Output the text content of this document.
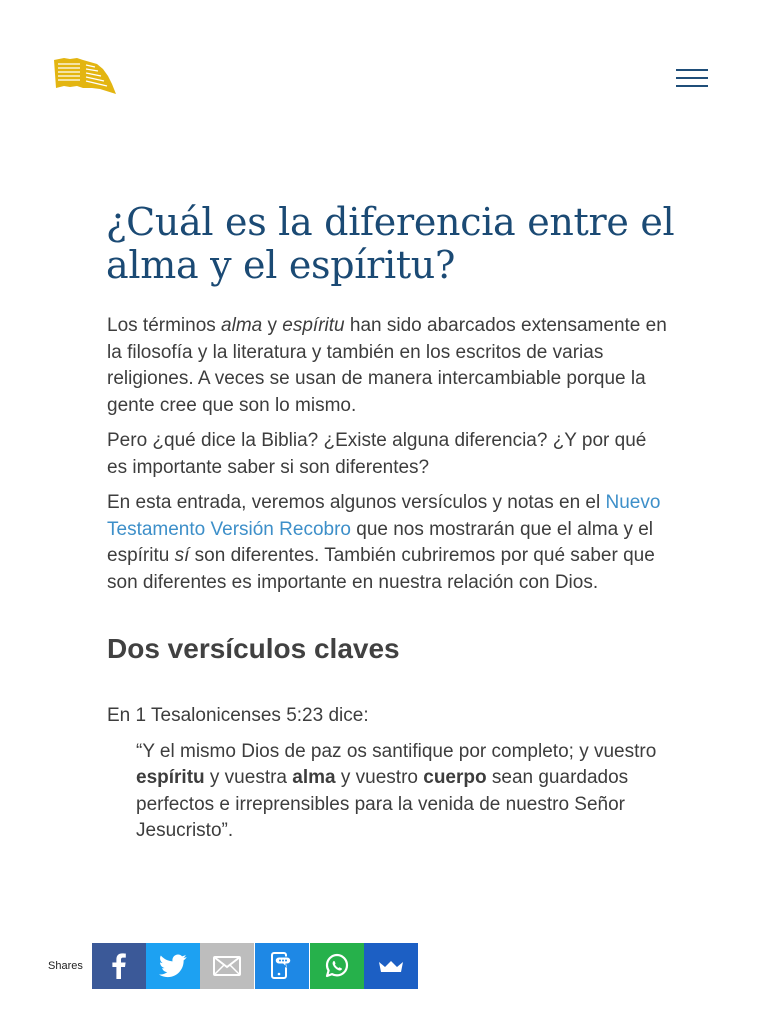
¿Cuál es la diferencia entre el alma y el espíritu?

Los términos alma y espíritu han sido abarcados extensamente en la filosofía y la literatura y también en los escritos de varias religiones. A veces se usan de manera intercambiable porque la gente cree que son lo mismo.

Pero ¿qué dice la Biblia? ¿Existe alguna diferencia? ¿Y por qué es importante saber si son diferentes?

En esta entrada, veremos algunos versículos y notas en el Nuevo Testamento Versión Recobro que nos mostrarán que el alma y el espíritu sí son diferentes. También cubriremos por qué saber que son diferentes es importante en nuestra relación con Dios.

Dos versículos claves

En 1 Tesalonicenses 5:23 dice:

“Y el mismo Dios de paz os santifique por completo; y vuestro espíritu y vuestra alma y vuestro cuerpo sean guardados perfectos e irreprensibles para la venida de nuestro Señor Jesucristo”.

Shares
